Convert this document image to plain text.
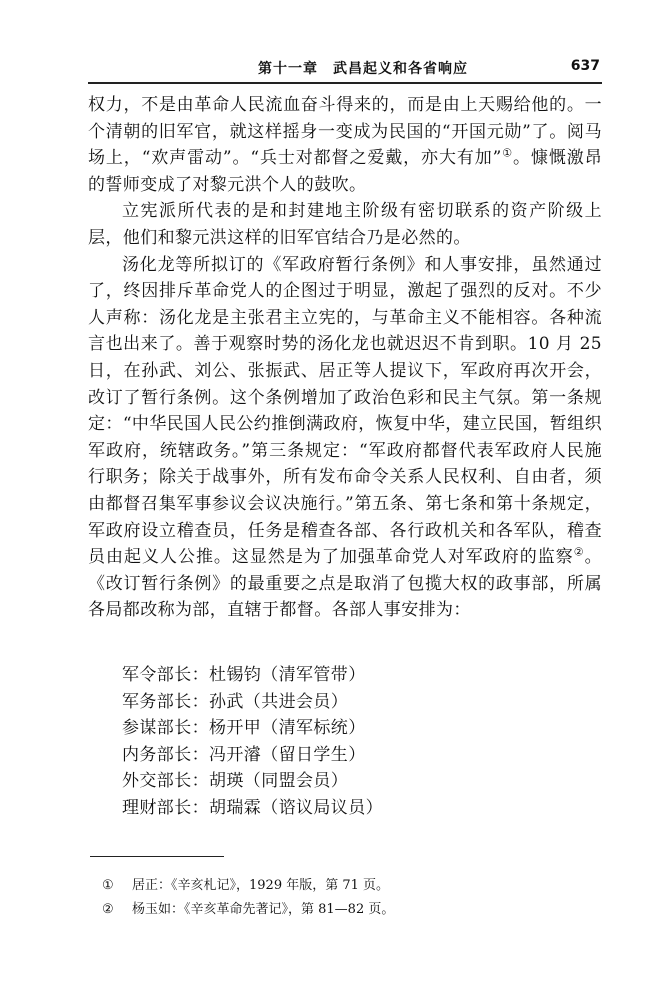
第十一章　武昌起义和各省响应	637

权力，不是由革命人民流血奋斗得来的，而是由上天赐给他的。一个清朝的旧军官，就这样摇身一变成为民国的“开国元勋”了。阅马场上，“欢声雷动”。“兵士对都督之爱戴，亦大有加”①。慷慨激昂的誓师变成了对黎元洪个人的鼓吹。

立宪派所代表的是和封建地主阶级有密切联系的资产阶级上层，他们和黎元洪这样的旧军官结合乃是必然的。

汤化龙等所拟订的《军政府暂行条例》和人事安排，虽然通过了，终因排斥革命党人的企图过于明显，激起了强烈的反对。不少人声称：汤化龙是主张君主立宪的，与革命主义不能相容。各种流言也出来了。善于观察时势的汤化龙也就迟迟不肯到职。10 月 25 日，在孙武、刘公、张振武、居正等人提议下，军政府再次开会，改订了暂行条例。这个条例增加了政治色彩和民主气氛。第一条规定：“中华民国人民公约推倒满政府，恢复中华，建立民国，暂组织军政府，统辖政务。”第三条规定：“军政府都督代表军政府人民施行职务；除关于战事外，所有发布命令关系人民权利、自由者，须由都督召集军事参议会议决施行。”第五条、第七条和第十条规定，军政府设立稽查员，任务是稽查各部、各行政机关和各军队，稽查员由起义人公推。这显然是为了加强革命党人对军政府的监察②。《改订暂行条例》的最重要之点是取消了包揽大权的政事部，所属各局都改称为部，直辖于都督。各部人事安排为：

军令部长：杜锡钧（清军管带）
军务部长：孙武（共进会员）
参谋部长：杨开甲（清军标统）
内务部长：冯开濬（留日学生）
外交部长：胡瑛（同盟会员）
理财部长：胡瑞霖（谘议局议员）
① 居正：《辛亥札记》，1929 年版，第 71 页。
② 杨玉如：《辛亥革命先著记》，第 81—82 页。
